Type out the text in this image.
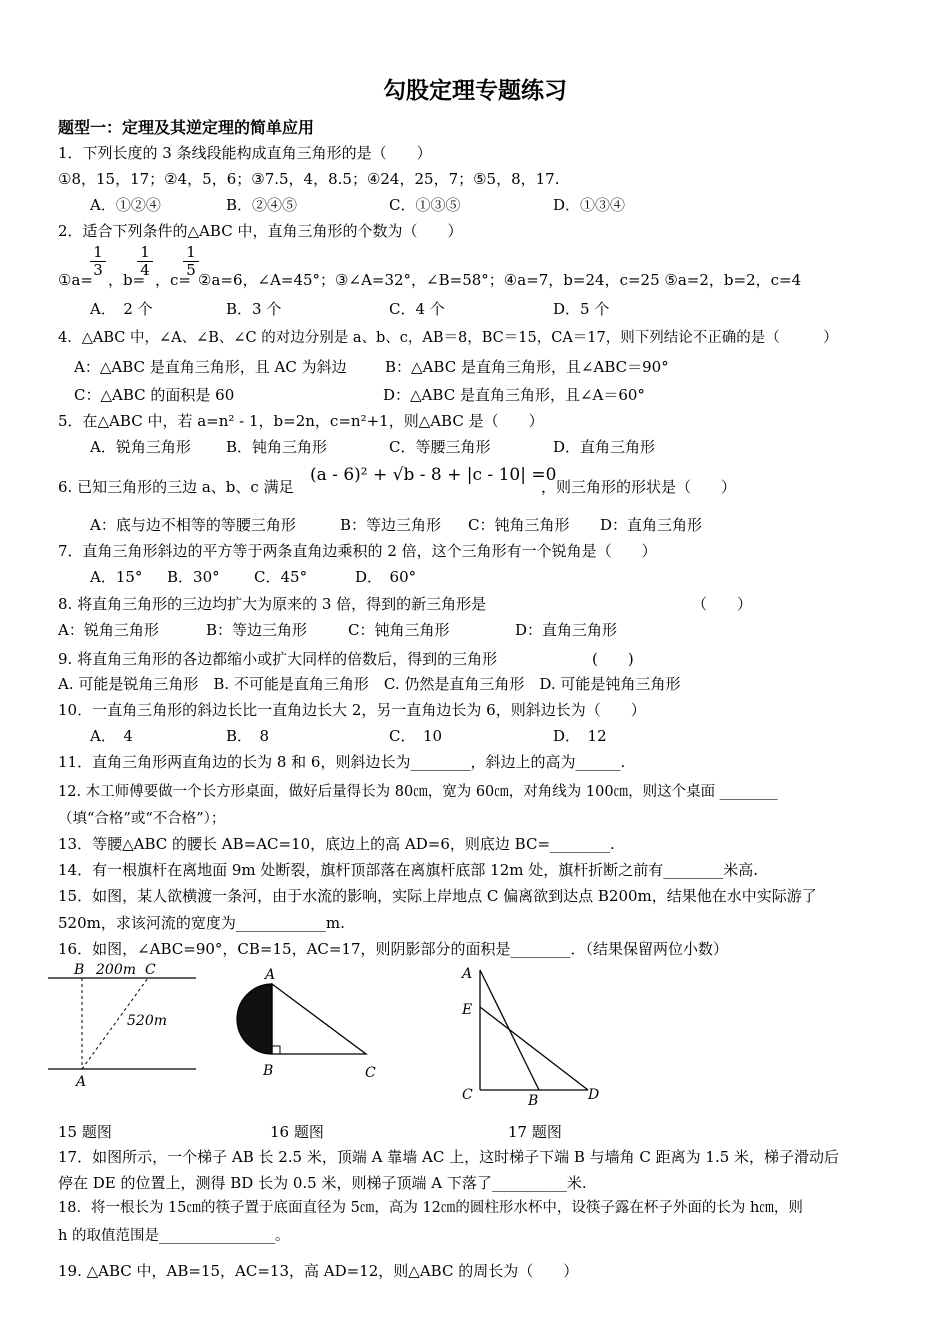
勾股定理专题练习
题型一：定理及其逆定理的简单应用
1．下列长度的 3 条线段能构成直角三角形的是（　　）
①8，15，17；②4，5，6；③7.5，4，8.5；④24，25，7；⑤5，8，17.
A．①②④	B．②④⑤	C．①③⑤	D．①③④
2．适合下列条件的△ABC 中，直角三角形的个数为（　　）
$\frac{1}{3} \frac{1}{4} \frac{1}{5}$
①a= ，b= ，c= ②a=6，∠A=45°；③∠A=32°，∠B=58°；④a=7，b=24，c=25 ⑤a=2，b=2，c=4
A．　2 个	B．3 个	C．4 个	D．5 个
4．△ABC 中，∠A、∠B、∠C 的对边分别是 a、b、c，AB＝8，BC＝15，CA＝17，则下列结论不正确的是（　　　）
A：△ABC 是直角三角形，且 AC 为斜边	B：△ABC 是直角三角形，且∠ABC＝90°
C：△ABC 的面积是 60	D：△ABC 是直角三角形，且∠A＝60°
5．在△ABC 中，若 a=n² - 1，b=2n，c=n²+1，则△ABC 是（　　）
A．锐角三角形 B．钝角三角形	C．等腰三角形	D．直角三角形
6. 已知三角形的三边 a、b、c 满足
(a - 6)² + √b - 8 + |c - 10| =0
，则三角形的形状是（　　）
A：底与边不相等的等腰三角形	B：等边三角形 C：钝角三角形 D：直角三角形
7．直角三角形斜边的平方等于两条直角边乘积的 2 倍，这个三角形有一个锐角是（　　）
A．15° B．30° C．45°	D．　60°
8. 将直角三角形的三边均扩大为原来的 3 倍，得到的新三角形是	（　　）
A：锐角三角形	B：等边三角形	C：钝角三角形	D：直角三角形
9. 将直角三角形的各边都缩小或扩大同样的倍数后，得到的三角形	(　　)
A. 可能是锐角三角形　B. 不可能是直角三角形　C. 仍然是直角三角形　D. 可能是钝角三角形
10．一直角三角形的斜边长比一直角边长大 2，另一直角边长为 6，则斜边长为（　　）
A．　4	B．　8	C．　10	D．　12
11．直角三角形两直角边的长为 8 和 6，则斜边长为________，斜边上的高为______.
12. 木工师傅要做一个长方形桌面，做好后量得长为 80㎝，宽为 60㎝，对角线为 100㎝，则这个桌面 ________
（填“合格”或“不合格”）；
13．等腰△ABC 的腰长 AB=AC=10，底边上的高 AD=6，则底边 BC=________.
14．有一根旗杆在离地面 9m 处断裂，旗杆顶部落在离旗杆底部 12m 处，旗杆折断之前有________米高.
15．如图，某人欲横渡一条河，由于水流的影响，实际上岸地点 C 偏离欲到达点 B200m，结果他在水中实际游了
520m，求该河流的宽度为____________m.
16．如图，∠ABC=90°，CB=15，AC=17，则阴影部分的面积是________．（结果保留两位小数）
B	C
200m
520m
A
A
B	C
A
E
C	B	D
15 题图	16 题图	17 题图
17．如图所示，一个梯子 AB 长 2.5 米，顶端 A 靠墙 AC 上，这时梯子下端 B 与墙角 C 距离为 1.5 米，梯子滑动后
停在 DE 的位置上，测得 BD 长为 0.5 米，则梯子顶端 A 下落了__________米.
18．将一根长为 15㎝的筷子置于底面直径为 5㎝，高为 12㎝的圆柱形水杯中，设筷子露在杯子外面的长为 h㎝，则
h 的取值范围是________________。
19. △ABC 中，AB=15，AC=13，高 AD=12，则△ABC 的周长为（　　）
